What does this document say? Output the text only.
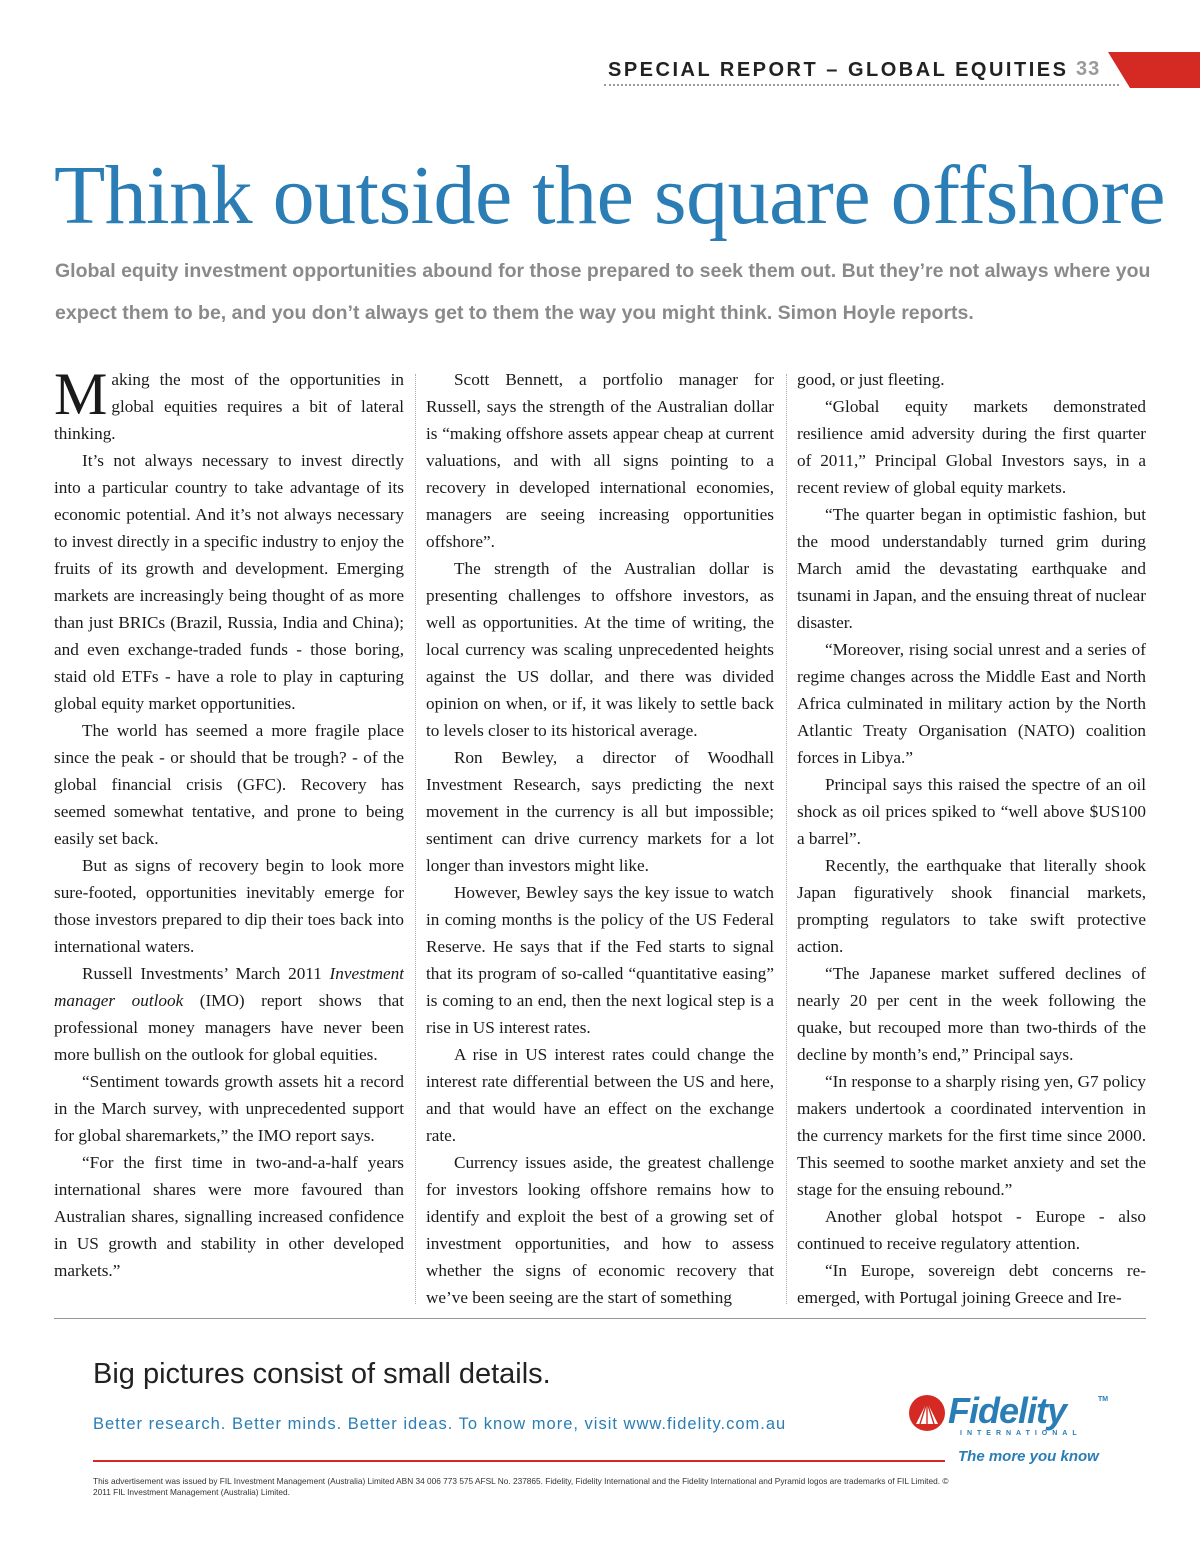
SPECIAL REPORT – GLOBAL EQUITIES 33
Think outside the square offshore

Global equity investment opportunities abound for those prepared to seek them out. But they’re not always where you expect them to be, and you don’t always get to them the way you might think. Simon Hoyle reports.

Making the most of the opportunities in global equities requires a bit of lateral thinking.

It’s not always necessary to invest directly into a particular country to take advantage of its economic potential. And it’s not always necessary to invest directly in a specific industry to enjoy the fruits of its growth and development. Emerging markets are increasingly being thought of as more than just BRICs (Brazil, Russia, India and China); and even exchange-traded funds - those boring, staid old ETFs - have a role to play in capturing global equity market opportunities.

The world has seemed a more fragile place since the peak - or should that be trough? - of the global financial crisis (GFC). Recovery has seemed somewhat tentative, and prone to being easily set back.

But as signs of recovery begin to look more sure-footed, opportunities inevitably emerge for those investors prepared to dip their toes back into international waters.

Russell Investments’ March 2011 Investment manager outlook (IMO) report shows that professional money managers have never been more bullish on the outlook for global equities.

“Sentiment towards growth assets hit a record in the March survey, with unprecedented support for global sharemarkets,” the IMO report says.

“For the first time in two-and-a-half years international shares were more favoured than Australian shares, signalling increased confidence in US growth and stability in other developed markets.”

Scott Bennett, a portfolio manager for Russell, says the strength of the Australian dollar is “making offshore assets appear cheap at current valuations, and with all signs pointing to a recovery in developed international economies, managers are seeing increasing opportunities offshore”.

The strength of the Australian dollar is presenting challenges to offshore investors, as well as opportunities. At the time of writing, the local currency was scaling unprecedented heights against the US dollar, and there was divided opinion on when, or if, it was likely to settle back to levels closer to its historical average.

Ron Bewley, a director of Woodhall Investment Research, says predicting the next movement in the currency is all but impossible; sentiment can drive currency markets for a lot longer than investors might like.

However, Bewley says the key issue to watch in coming months is the policy of the US Federal Reserve. He says that if the Fed starts to signal that its program of so-called “quantitative easing” is coming to an end, then the next logical step is a rise in US interest rates.

A rise in US interest rates could change the interest rate differential between the US and here, and that would have an effect on the exchange rate.

Currency issues aside, the greatest challenge for investors looking offshore remains how to identify and exploit the best of a growing set of investment opportunities, and how to assess whether the signs of economic recovery that we’ve been seeing are the start of something

good, or just fleeting.

“Global equity markets demonstrated resilience amid adversity during the first quarter of 2011,” Principal Global Investors says, in a recent review of global equity markets.

“The quarter began in optimistic fashion, but the mood understandably turned grim during March amid the devastating earthquake and tsunami in Japan, and the ensuing threat of nuclear disaster.

“Moreover, rising social unrest and a series of regime changes across the Middle East and North Africa culminated in military action by the North Atlantic Treaty Organisation (NATO) coalition forces in Libya.”

Principal says this raised the spectre of an oil shock as oil prices spiked to “well above $US100 a barrel”.

Recently, the earthquake that literally shook Japan figuratively shook financial markets, prompting regulators to take swift protective action.

“The Japanese market suffered declines of nearly 20 per cent in the week following the quake, but recouped more than two-thirds of the decline by month’s end,” Principal says.

“In response to a sharply rising yen, G7 policy makers undertook a coordinated intervention in the currency markets for the first time since 2000. This seemed to soothe market anxiety and set the stage for the ensuing rebound.”

Another global hotspot - Europe - also continued to receive regulatory attention.

“In Europe, sovereign debt concerns re-emerged, with Portugal joining Greece and Ire-

Big pictures consist of small details.

Better research. Better minds. Better ideas. To know more, visit www.fidelity.com.au

This advertisement was issued by FIL Investment Management (Australia) Limited ABN 34 006 773 575 AFSL No. 237865. Fidelity, Fidelity International and the Fidelity International and Pyramid logos are trademarks of FIL Limited. © 2011 FIL Investment Management (Australia) Limited.

Fidelity	TM
INTERNATIONAL

The more you know
